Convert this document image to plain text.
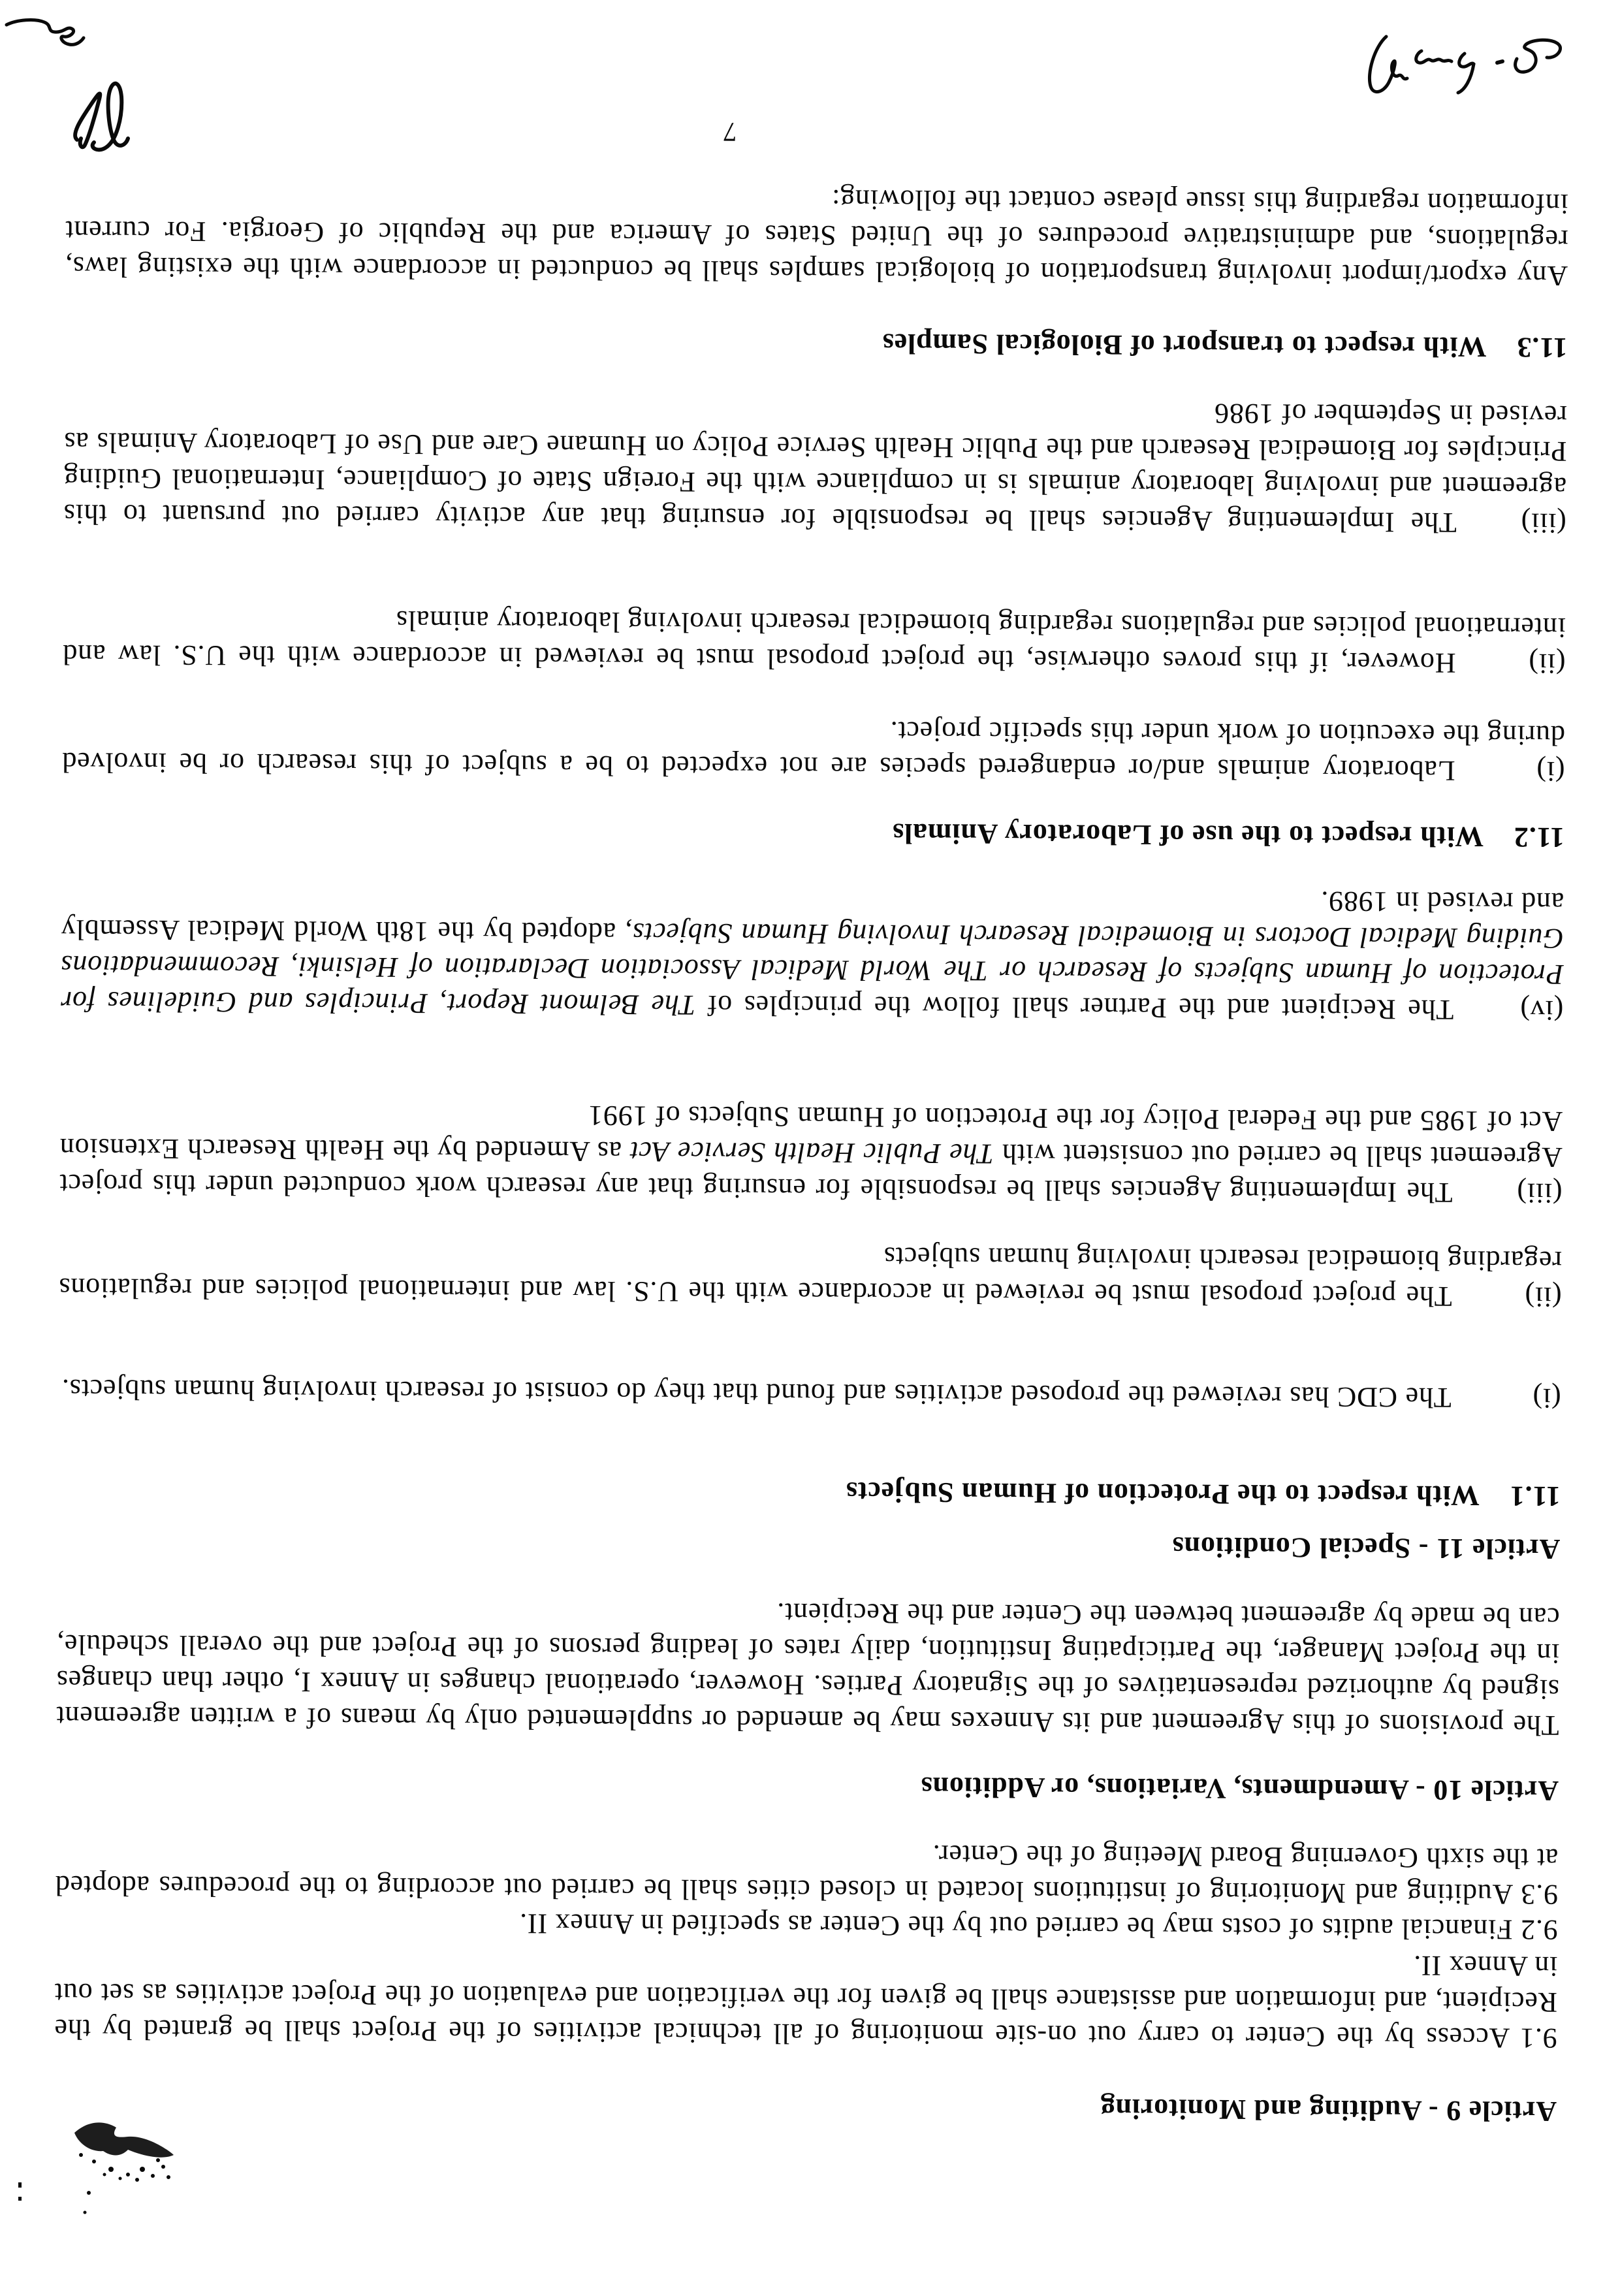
Article 9 - Auditing and Monitoring

9.1 Access by the Center to carry out on-site monitoring of all technical activities of the Project shall be granted by the Recipient, and information and assistance shall be given for the verification and evaluation of the Project activities as set out in Annex II.

9.2 Financial audits of costs may be carried out by the Center as specified in Annex II.

9.3 Auditing and Monitoring of institutions located in closed cities shall be carried out according to the procedures adopted at the sixth Governing Board Meeting of the Center.

Article 10 - Amendments, Variations, or Additions

The provisions of this Agreement and its Annexes may be amended or supplemented only by means of a written agreement signed by authorized representatives of the Signatory Parties. However, operational changes in Annex I, other than changes in the Project Manager, the Participating Institution, daily rates of leading persons of the Project and the overall schedule, can be made by agreement between the Center and the Recipient.

Article 11 - Special Conditions
11.1With respect to the Protection of Human Subjects

(i)The CDC has reviewed the proposed activities and found that they do consist of research involving human subjects.

(ii)The project proposal must be reviewed in accordance with the U.S. law and international policies and regulations regarding biomedical research involving human subjects

(iii)The Implementing Agencies shall be responsible for ensuring that any research work conducted under this project Agreement shall be carried out consistent with The Public Health Service Act as Amended by the Health Research Extension Act of 1985 and the Federal Policy for the Protection of Human Subjects of 1991

(iv)The Recipient and the Partner shall follow the principles of The Belmont Report, Principles and Guidelines for Protection of Human Subjects of Research or The World Medical Association Declaration of Helsinki, Recommendations Guiding Medical Doctors in Biomedical Research Involving Human Subjects, adopted by the 18th World Medical Assembly and revised in 1989.

11.2With respect to the use of Laboratory Animals

(i)Laboratory animals and/or endangered species are not expected to be a subject of this research or be involved during the execution of work under this specific project.

(ii)However, if this proves otherwise, the project proposal must be reviewed in accordance with the U.S. law and international policies and regulations regarding biomedical research involving laboratory animals

(iii)The Implementing Agencies shall be responsible for ensuring that any activity carried out pursuant to this agreement and involving laboratory animals is in compliance with the Foreign State of Compliance, International Guiding Principles for Biomedical Research and the Public Health Service Policy on Humane Care and Use of Laboratory Animals as revised in September of 1986

11.3With respect to transport of Biological Samples

Any export/import involving transportation of biological samples shall be conducted in accordance with the existing laws, regulations, and administrative procedures of the United States of America and the Republic of Georgia. For current information regarding this issue please contact the following:

7
